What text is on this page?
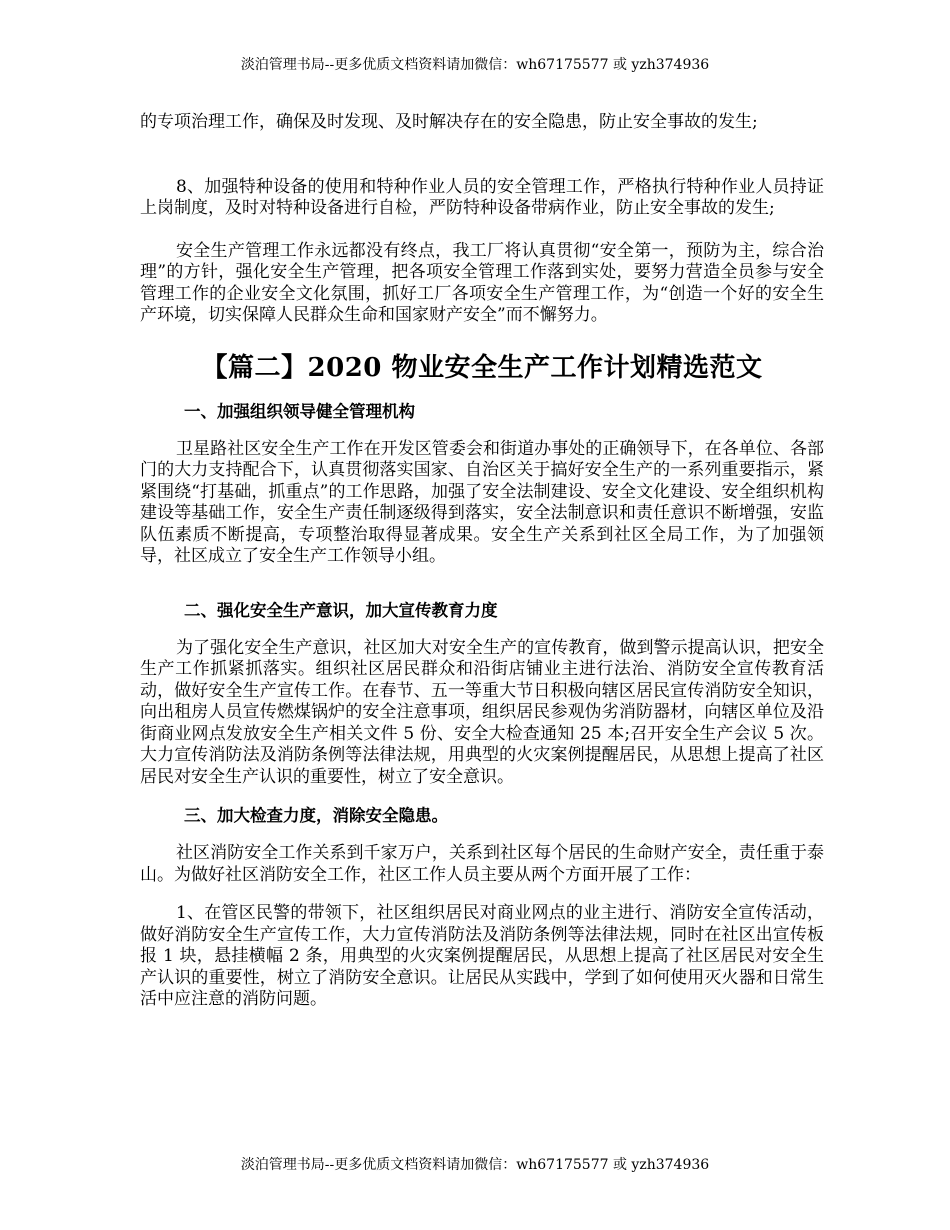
淡泊管理书局--更多优质文档资料请加微信：wh67175577 或 yzh374936

的专项治理工作，确保及时发现、及时解决存在的安全隐患，防止安全事故的发生;

8、加强特种设备的使用和特种作业人员的安全管理工作，严格执行特种作业人员持证上岗制度，及时对特种设备进行自检，严防特种设备带病作业，防止安全事故的发生;

安全生产管理工作永远都没有终点，我工厂将认真贯彻“安全第一，预防为主，综合治理”的方针，强化安全生产管理，把各项安全管理工作落到实处，要努力营造全员参与安全管理工作的企业安全文化氛围，抓好工厂各项安全生产管理工作，为“创造一个好的安全生产环境，切实保障人民群众生命和国家财产安全”而不懈努力。

【篇二】2020 物业安全生产工作计划精选范文
一、加强组织领导健全管理机构

卫星路社区安全生产工作在开发区管委会和街道办事处的正确领导下，在各单位、各部门的大力支持配合下，认真贯彻落实国家、自治区关于搞好安全生产的一系列重要指示，紧紧围绕“打基础，抓重点”的工作思路，加强了安全法制建设、安全文化建设、安全组织机构建设等基础工作，安全生产责任制逐级得到落实，安全法制意识和责任意识不断增强，安监队伍素质不断提高，专项整治取得显著成果。安全生产关系到社区全局工作，为了加强领导，社区成立了安全生产工作领导小组。

二、强化安全生产意识，加大宣传教育力度

为了强化安全生产意识，社区加大对安全生产的宣传教育，做到警示提高认识，把安全生产工作抓紧抓落实。组织社区居民群众和沿街店铺业主进行法治、消防安全宣传教育活动，做好安全生产宣传工作。在春节、五一等重大节日积极向辖区居民宣传消防安全知识，向出租房人员宣传燃煤锅炉的安全注意事项，组织居民参观伪劣消防器材，向辖区单位及沿街商业网点发放安全生产相关文件 5 份、安全大检查通知 25 本;召开安全生产会议 5 次。大力宣传消防法及消防条例等法律法规，用典型的火灾案例提醒居民，从思想上提高了社区居民对安全生产认识的重要性，树立了安全意识。

三、加大检查力度，消除安全隐患。

社区消防安全工作关系到千家万户，关系到社区每个居民的生命财产安全，责任重于泰山。为做好社区消防安全工作，社区工作人员主要从两个方面开展了工作：

1、在管区民警的带领下，社区组织居民对商业网点的业主进行、消防安全宣传活动，做好消防安全生产宣传工作，大力宣传消防法及消防条例等法律法规，同时在社区出宣传板报 1 块，悬挂横幅 2 条，用典型的火灾案例提醒居民，从思想上提高了社区居民对安全生产认识的重要性，树立了消防安全意识。让居民从实践中，学到了如何使用灭火器和日常生活中应注意的消防问题。

淡泊管理书局--更多优质文档资料请加微信：wh67175577 或 yzh374936
